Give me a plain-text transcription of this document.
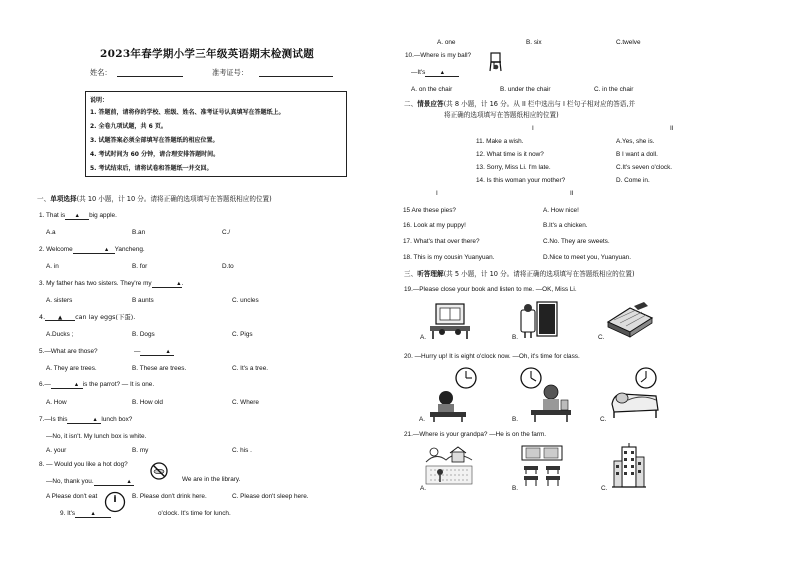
2023年春学期小学三年级英语期末检测试题
姓名：	准考证号：
说明：
1. 答题前，请将你的学校、班级、姓名、准考证号认真填写在答题纸上。
2. 全卷九项试题，共 6 页。
3. 试题答案必须全部填写在答题纸的相应位置。
4. 考试时间为 60 分钟，请合理安排答题时间。
5. 考试结束后，请将试卷和答题纸一并交回。
一、单项选择(共 10 小题，计 10 分。请将正确的选项填写在答题纸相应的位置)
1. That is ▲ big apple.
A.a	B.an	C./
2. Welcome	▲ Yancheng.
A. in	B. for	D.to
3. My father has two sisters. They're my	▲.
A. sisters	B aunts	C. uncles
4. ▲ can lay eggs(下蛋).
A.Ducks ;	B. Dogs	C. Pigs
5.—What are those?	—	▲
A. They are trees.	B. These are trees.	C. It's a tree.
6.—	▲ is the parrot? — It is one.
A. How	B. How old	C. Where
7.—Is this	▲ lunch box?
—No, it isn't. My lunch box is white.
A. your	B. my	C. his .
8. — Would you like a hot dog?
—No, thank you.	▲	We are in the library.
A Please don't eat	B. Please don't drink here.	C. Please don't sleep here.
9. It's	▲	o'clock. It's time for lunch.
A. one	B. six	C.twelve
10.—Where is my ball?
—It's	▲
A. on the chair	B. under the chair	C. in the chair
二、情景应答(共 8 小题，计 16 分。从 II 栏中选出与 I 栏句子相对应的答语,并
将正确的选项填写在答题纸相应的位置)
I	II
11. Make a wish.	A.Yes, she is.
12. What time is it now?	B I want a doll.
13. Sorry, Miss Li. I'm late.	C.It's seven o'clock.
14. Is this woman your mother?	D. Come in.
I	II
15 Are these pies?	A. How nice!
16. Look at my puppy!	B.It's a chicken.
17. What's that over there?	C.No. They are sweets.
18. This is my cousin Yuanyuan.	D.Nice to meet you, Yuanyuan.
三、听答理解(共 5 小题，计 10 分。请将正确的选项填写在答题纸相应的位置)
19.—Please close your book and listen to me. —OK, Miss Li.
A.	B.	C.
20. —Hurry up! It is eight o'clock now. —Oh, it's time for class.
A.	B.	C.
21.—Where is your grandpa? —He is on the farm.
A.	B.	C.
